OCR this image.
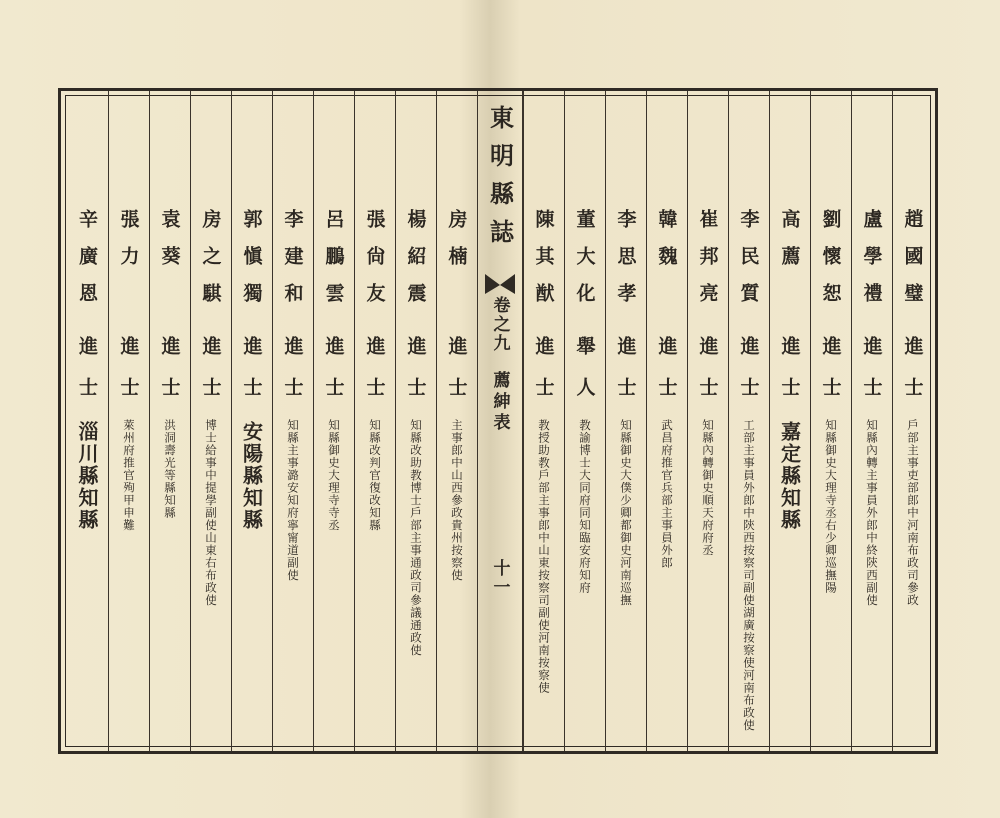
辛廣恩
進士
淄川縣知縣
張力
進士
萊州府推官殉甲申難
袁葵
進士
洪洞壽光等縣知縣
房之騏
進士
博士給事中提學副使山東右布政使
郭愼獨
進士
安陽縣知縣
李建和
進士
知縣主事潞安知府寧甯道副使
呂鵬雲
進士
知縣御史大理寺寺丞
張尙友
進士
知縣改判官復改知縣
楊紹震
進士
知縣改助教博士戶部主事通政司參議通政使
房楠
進士
主事郎中山西參政貴州按察使
陳其猷
進士
教授助教戶部主事郎中山東按察司副使河南按察使
董大化
舉人
教諭博士大同府同知臨安府知府
李思孝
進士
知縣御史大僕少卿都御史河南巡撫
韓魏
進士
武昌府推官兵部主事員外郎
崔邦亮
進士
知縣內轉御史順天府府丞
李民質
進士
工部主事員外郎中陝西按察司副使湖廣按察使河南布政使
高薦
進士
嘉定縣知縣
劉懷恕
進士
知縣御史大理寺丞右少卿巡撫陽
盧學禮
進士
知縣內轉主事員外郎中終陝西副使
趙國璧
進士
戶部主事吏部郎中河南布政司參政
東明縣誌
卷之九
薦紳表
十一
